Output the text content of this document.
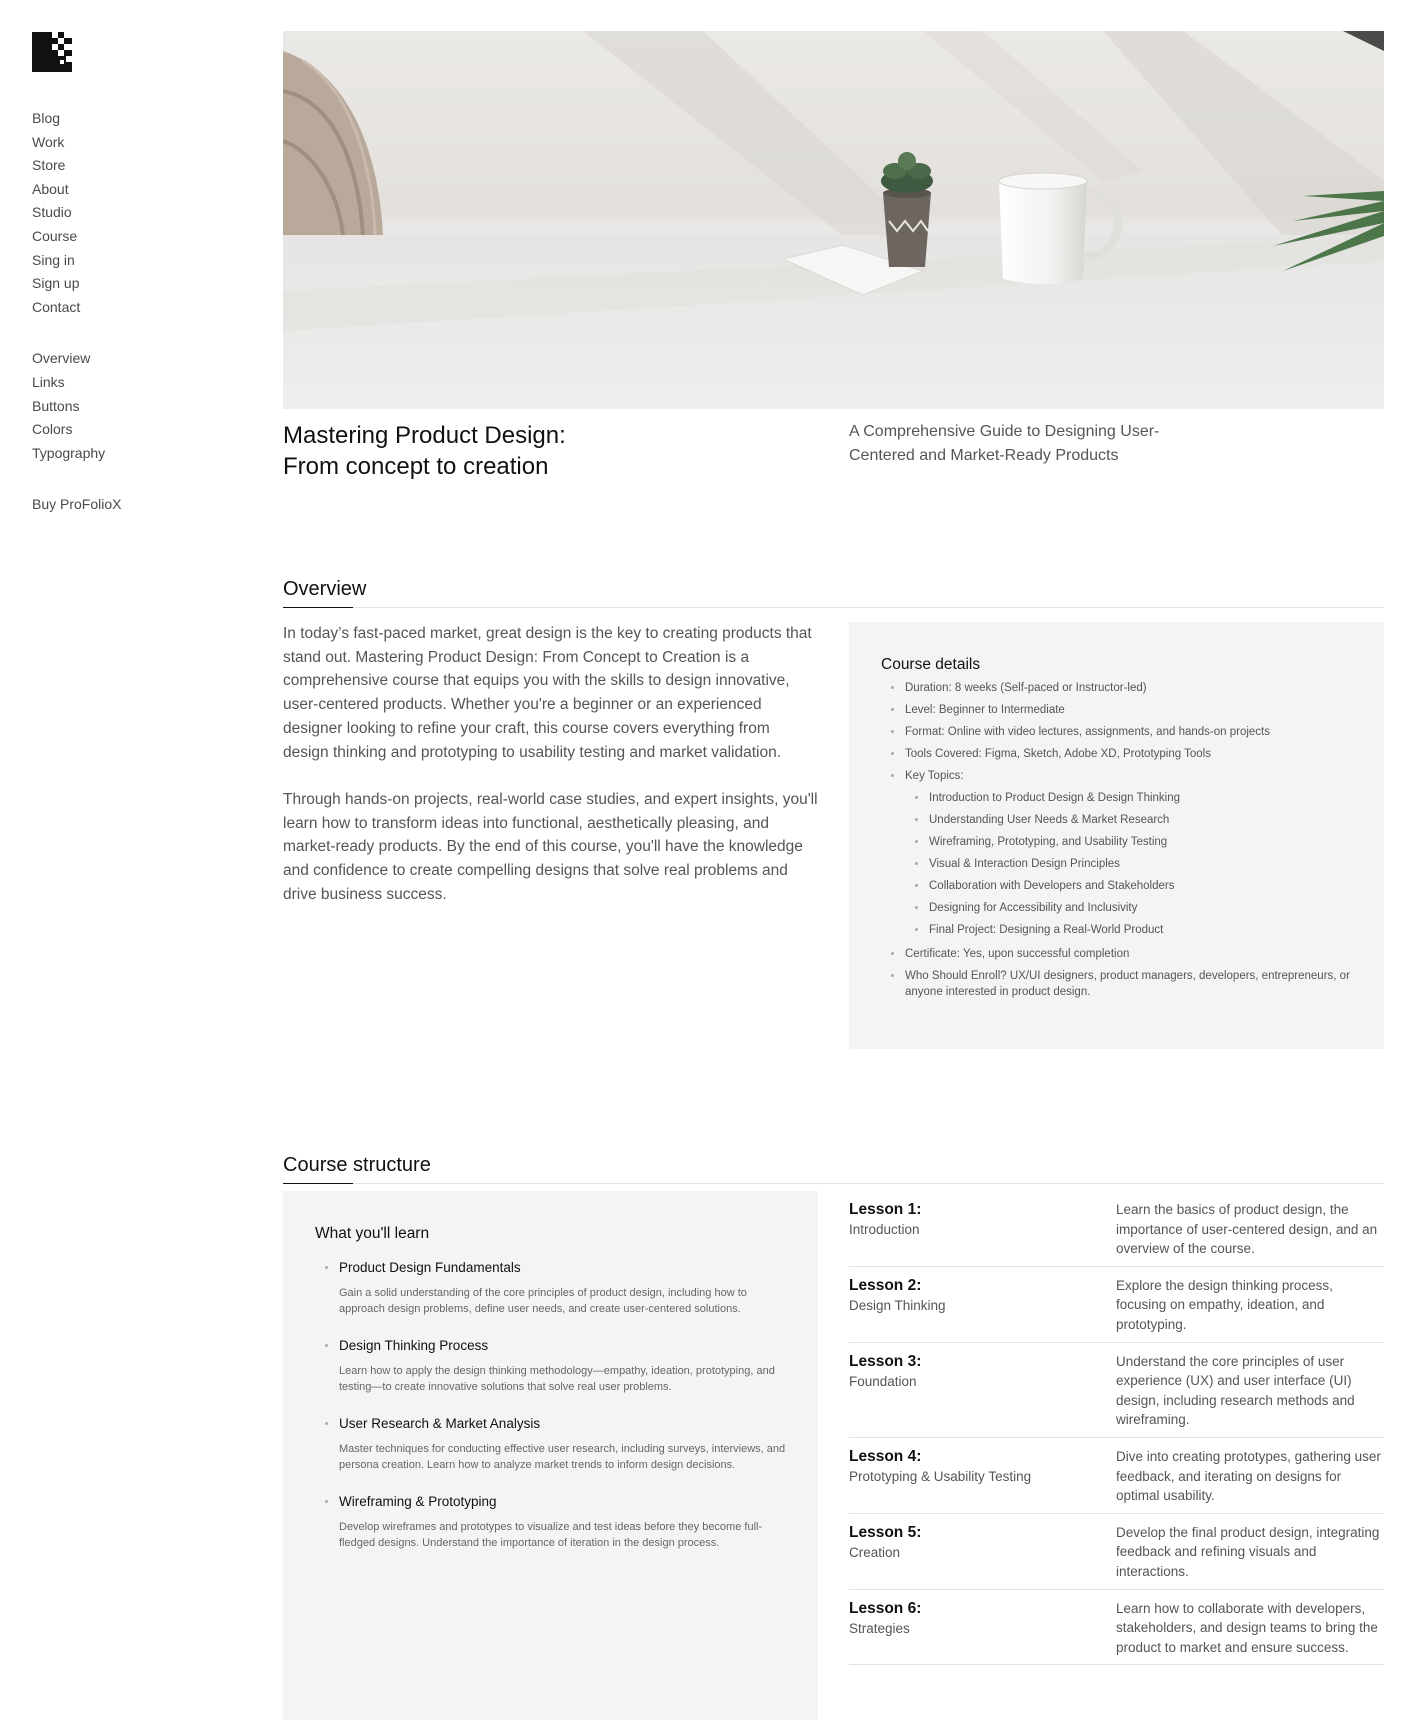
Blog
Work
Store
About
Studio
Course
Sing in
Sign up
Contact
Overview
Links
Buttons
Colors
Typography
Buy ProFolioX
Mastering Product Design:
From concept to creation

A Comprehensive Guide to Designing User-Centered and Market-Ready Products

Overview

In today’s fast-paced market, great design is the key to creating products that stand out. Mastering Product Design: From Concept to Creation is a comprehensive course that equips you with the skills to design innovative, user-centered products. Whether you're a beginner or an experienced designer looking to refine your craft, this course covers everything from design thinking and prototyping to usability testing and market validation.

Through hands-on projects, real-world case studies, and expert insights, you'll learn how to transform ideas into functional, aesthetically pleasing, and market-ready products. By the end of this course, you'll have the knowledge and confidence to create compelling designs that solve real problems and drive business success.

Course details
Duration: 8 weeks (Self-paced or Instructor-led)
Level: Beginner to Intermediate
Format: Online with video lectures, assignments, and hands-on projects
Tools Covered: Figma, Sketch, Adobe XD, Prototyping Tools
Key Topics:
Introduction to Product Design & Design Thinking
Understanding User Needs & Market Research
Wireframing, Prototyping, and Usability Testing
Visual & Interaction Design Principles
Collaboration with Developers and Stakeholders
Designing for Accessibility and Inclusivity
Final Project: Designing a Real-World Product
Certificate: Yes, upon successful completion
Who Should Enroll? UX/UI designers, product managers, developers, entrepreneurs, or anyone interested in product design.
Course structure
What you'll learn

Product Design Fundamentals

Gain a solid understanding of the core principles of product design, including how to approach design problems, define user needs, and create user-centered solutions.

Design Thinking Process

Learn how to apply the design thinking methodology—empathy, ideation, prototyping, and testing—to create innovative solutions that solve real user problems.

User Research & Market Analysis

Master techniques for conducting effective user research, including surveys, interviews, and persona creation. Learn how to analyze market trends to inform design decisions.

Wireframing & Prototyping

Develop wireframes and prototypes to visualize and test ideas before they become full-fledged designs. Understand the importance of iteration in the design process.

Lesson 1:

Introduction

Learn the basics of product design, the importance of user-centered design, and an overview of the course.

Lesson 2:

Design Thinking

Explore the design thinking process, focusing on empathy, ideation, and prototyping.

Lesson 3:

Foundation

Understand the core principles of user experience (UX) and user interface (UI) design, including research methods and wireframing.

Lesson 4:

Prototyping & Usability Testing

Dive into creating prototypes, gathering user feedback, and iterating on designs for optimal usability.

Lesson 5:

Creation

Develop the final product design, integrating feedback and refining visuals and interactions.

Lesson 6:

Strategies

Learn how to collaborate with developers, stakeholders, and design teams to bring the product to market and ensure success.
